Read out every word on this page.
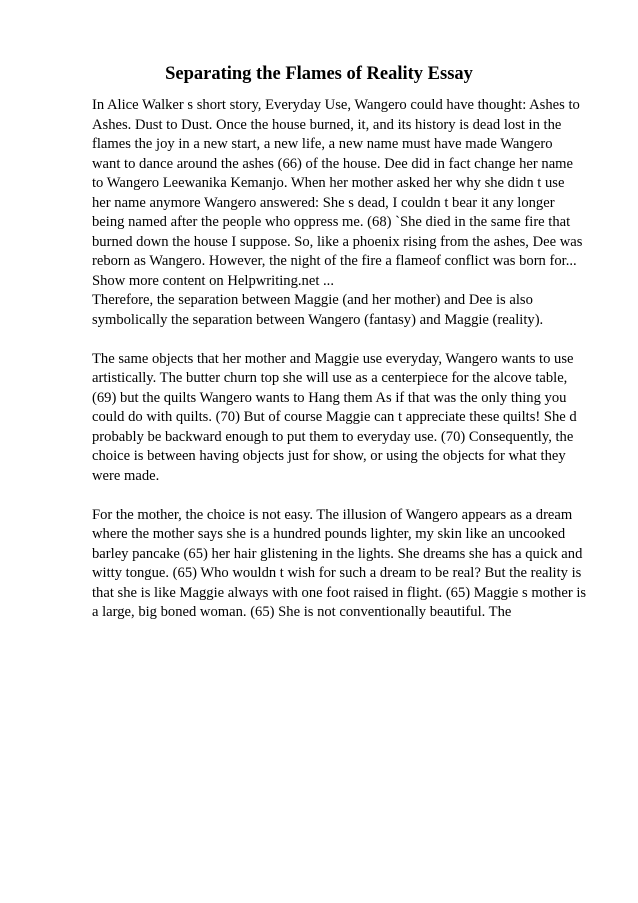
Separating the Flames of Reality Essay
In Alice Walker s short story, Everyday Use, Wangero could have thought: Ashes to
Ashes. Dust to Dust. Once the house burned, it, and its history is dead lost in the
flames the joy in a new start, a new life, a new name must have made Wangero
want to dance around the ashes (66) of the house. Dee did in fact change her name
to Wangero Leewanika Kemanjo. When her mother asked her why she didn t use
her name anymore Wangero answered: She s dead, I couldn t bear it any longer
being named after the people who oppress me. (68) `She died in the same fire that
burned down the house I suppose. So, like a phoenix rising from the ashes, Dee was
reborn as Wangero. However, the night of the fire a flameof conflict was born for...
Show more content on Helpwriting.net ...
Therefore, the separation between Maggie (and her mother) and Dee is also
symbolically the separation between Wangero (fantasy) and Maggie (reality).
The same objects that her mother and Maggie use everyday, Wangero wants to use
artistically. The butter churn top she will use as a centerpiece for the alcove table,
(69) but the quilts Wangero wants to Hang them As if that was the only thing you
could do with quilts. (70) But of course Maggie can t appreciate these quilts! She d
probably be backward enough to put them to everyday use. (70) Consequently, the
choice is between having objects just for show, or using the objects for what they
were made.
For the mother, the choice is not easy. The illusion of Wangero appears as a dream
where the mother says she is a hundred pounds lighter, my skin like an uncooked
barley pancake (65) her hair glistening in the lights. She dreams she has a quick and
witty tongue. (65) Who wouldn t wish for such a dream to be real? But the reality is
that she is like Maggie always with one foot raised in flight. (65) Maggie s mother is
a large, big boned woman. (65) She is not conventionally beautiful. The
